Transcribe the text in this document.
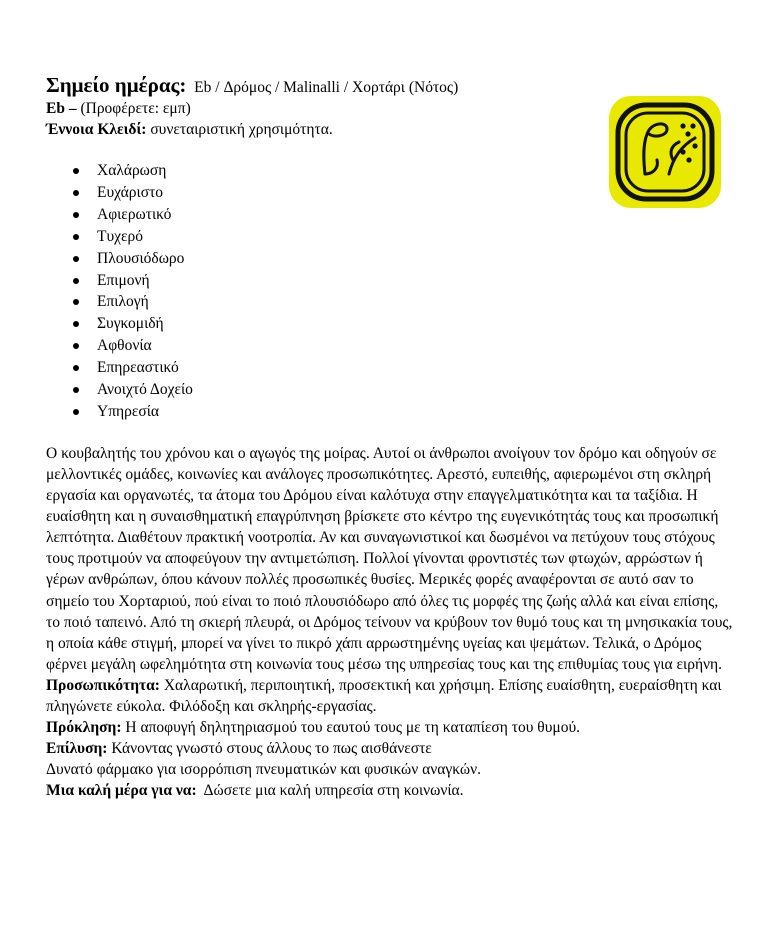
Σημείο ημέρας: Eb / Δρόμος / Malinalli / Χορτάρι (Νότος)
Eb – (Προφέρετε: εμπ)
Έννοια Κλειδί: συνεταιριστική χρησιμότητα.
Χαλάρωση
Ευχάριστο
Αφιερωτικό
Τυχερό
Πλουσιόδωρο
Επιμονή
Επιλογή
Συγκομιδή
Αφθονία
Επηρεαστικό
Ανοιχτό Δοχείο
Υπηρεσία

Ο κουβαλητής του χρόνου και ο αγωγός της μοίρας. Αυτοί οι άνθρωποι ανοίγουν τον δρόμο και οδηγούν σε μελλοντικές ομάδες, κοινωνίες και ανάλογες προσωπικότητες. Αρεστό, ευπειθής, αφιερωμένοι στη σκληρή εργασία και οργανωτές, τα άτομα του Δρόμου είναι καλότυχα στην επαγγελματικότητα και τα ταξίδια. Η ευαίσθητη και η συναισθηματική επαγρύπνηση βρίσκετε στο κέντρο της ευγενικότητάς τους και προσωπική λεπτότητα. Διαθέτουν πρακτική νοοτροπία. Αν και συναγωνιστικοί και δωσμένοι να πετύχουν τους στόχους τους προτιμούν να αποφεύγουν την αντιμετώπιση. Πολλοί γίνονται φροντιστές των φτωχών, αρρώστων ή γέρων ανθρώπων, όπου κάνουν πολλές προσωπικές θυσίες. Μερικές φορές αναφέρονται σε αυτό σαν το σημείο του Χορταριού, πού είναι το ποιό πλουσιόδωρο από όλες τις μορφές της ζωής αλλά και είναι επίσης, το ποιό ταπεινό. Από τη σκιερή πλευρά, οι Δρόμος τείνουν να κρύβουν τον θυμό τους και τη μνησικακία τους, η οποία κάθε στιγμή, μπορεί να γίνει το πικρό χάπι αρρωστημένης υγείας και ψεμάτων. Τελικά, ο Δρόμος φέρνει μεγάλη ωφελημότητα στη κοινωνία τους μέσω της υπηρεσίας τους και της επιθυμίας τους για ειρήνη.

Προσωπικότητα: Χαλαρωτική, περιποιητική, προσεκτική και χρήσιμη. Επίσης ευαίσθητη, ευεραίσθητη και πληγώνετε εύκολα. Φιλόδοξη και σκληρής-εργασίας.

Πρόκληση: Η αποφυγή δηλητηριασμού του εαυτού τους με τη καταπίεση του θυμού.

Επίλυση: Κάνοντας γνωστό στους άλλους το πως αισθάνεστε

Δυνατό φάρμακο για ισορρόπιση πνευματικών και φυσικών αναγκών.

Μια καλή μέρα για να: Δώσετε μια καλή υπηρεσία στη κοινωνία.
